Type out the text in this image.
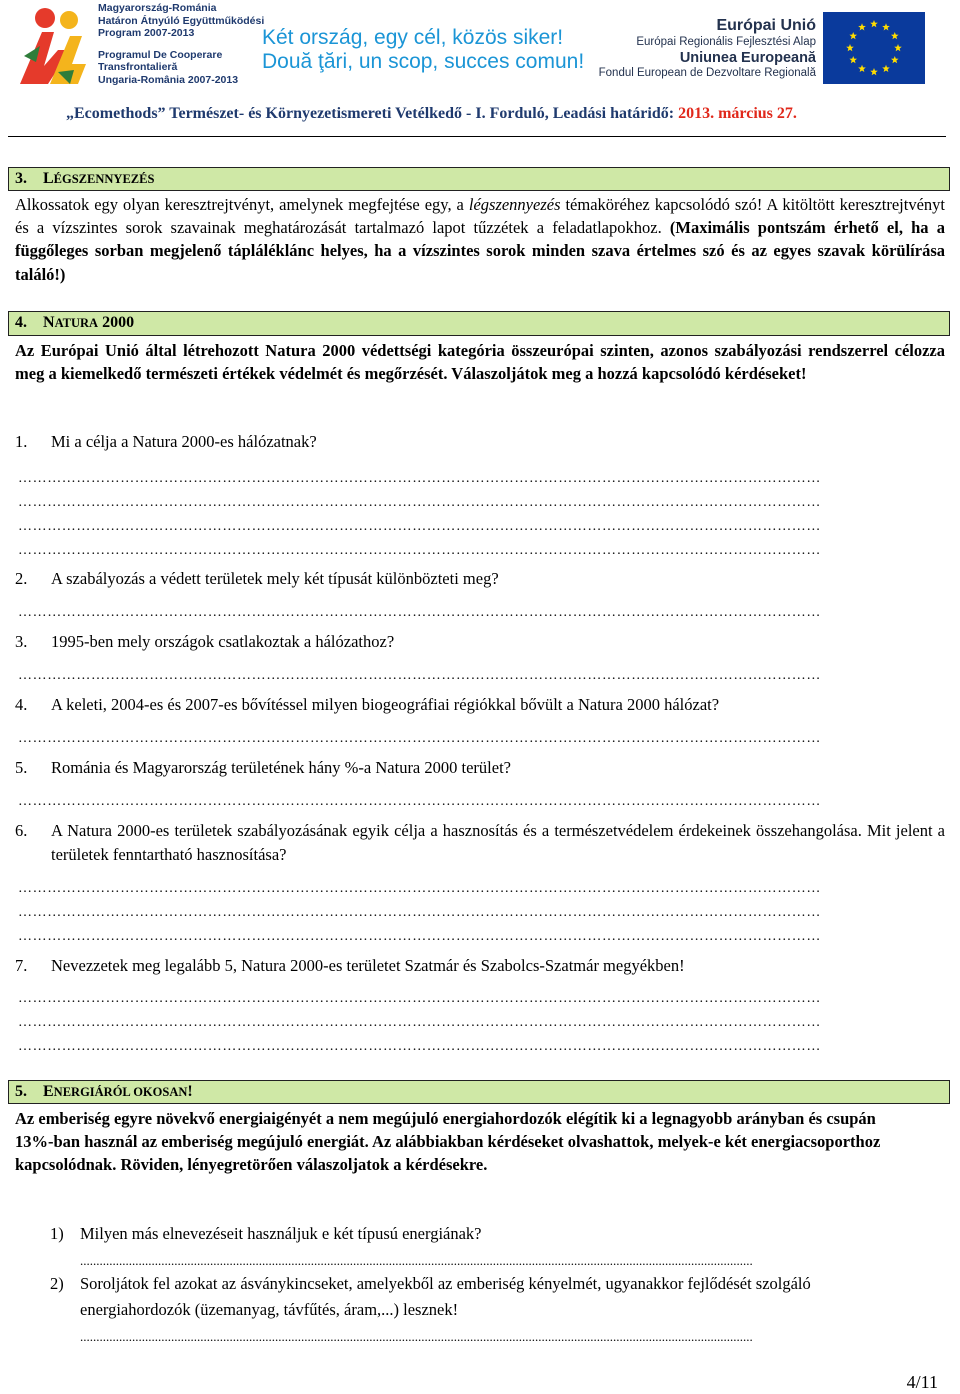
Magyarország-Románia
Határon Átnyúló Együttműködési
Program 2007-2013
Programul De Cooperare
Transfrontalieră
Ungaria-România 2007-2013
Két ország, egy cél, közös siker!
Două ţări, un scop, succes comun!
Európai Unió
Európai Regionális Fejlesztési Alap
Uniunea Europeană
Fondul European de Dezvoltare Regională
„Ecomethods” Természet- és Környezetismereti Vetélkedő - I. Forduló, Leadási határidő: 2013. március 27.
3. LÉGSZENNYEZÉS
Alkossatok egy olyan keresztrejtvényt, amelynek megfejtése egy, a légszennyezés témaköréhez kapcsolódó szó! A kitöltött keresztrejtvényt és a vízszintes sorok szavainak meghatározását tartalmazó lapot tűzzétek a feladatlapokhoz. (Maximális pontszám érhető el, ha a függőleges sorban megjelenő tápláléklánc helyes, ha a vízszintes sorok minden szava értelmes szó és az egyes szavak körülírása találó!)
4. NATURA 2000
Az Európai Unió által létrehozott Natura 2000 védettségi kategória összeurópai szinten, azonos szabályozási rendszerrel célozza meg a kiemelkedő természeti értékek védelmét és megőrzését. Válaszoljátok meg a hozzá kapcsolódó kérdéseket!
1. Mi a célja a Natura 2000-es hálózatnak?
…………………………………………………………………………………………………………………………………………………
…………………………………………………………………………………………………………………………………………………
…………………………………………………………………………………………………………………………………………………
…………………………………………………………………………………………………………………………………………………
2. A szabályozás a védett területek mely két típusát különbözteti meg?
…………………………………………………………………………………………………………………………………………………
3. 1995-ben mely országok csatlakoztak a hálózathoz?
…………………………………………………………………………………………………………………………………………………
4. A keleti, 2004-es és 2007-es bővítéssel milyen biogeográfiai régiókkal bővült a Natura 2000 hálózat?
…………………………………………………………………………………………………………………………………………………
5. Románia és Magyarország területének hány %-a Natura 2000 terület?
…………………………………………………………………………………………………………………………………………………
6. A Natura 2000-es területek szabályozásának egyik célja a hasznosítás és a természetvédelem érdekeinek összehangolása. Mit jelent a területek fenntartható hasznosítása?
…………………………………………………………………………………………………………………………………………………
…………………………………………………………………………………………………………………………………………………
…………………………………………………………………………………………………………………………………………………
7. Nevezzetek meg legalább 5, Natura 2000-es területet Szatmár és Szabolcs-Szatmár megyékben!
…………………………………………………………………………………………………………………………………………………
…………………………………………………………………………………………………………………………………………………
…………………………………………………………………………………………………………………………………………………
5. ENERGIÁRÓL OKOSAN!
Az emberiség egyre növekvő energiaigényét a nem megújuló energiahordozók elégítik ki a legnagyobb arányban és csupán 13%-ban használ az emberiség megújuló energiát. Az alábbiakban kérdéseket olvashattok, melyek-e két energiacsoporthoz kapcsolódnak. Röviden, lényegretörően válaszoljatok a kérdésekre.
1) Milyen más elnevezéseit használjuk e két típusú energiának?
...............................................................................................................................................................................................................
2) Soroljátok fel azokat az ásványkincseket, amelyekből az emberiség kényelmét, ugyanakkor fejlődését szolgáló energiahordozók (üzemanyag, távfűtés, áram,...) lesznek!
...............................................................................................................................................................................................................
4/11
